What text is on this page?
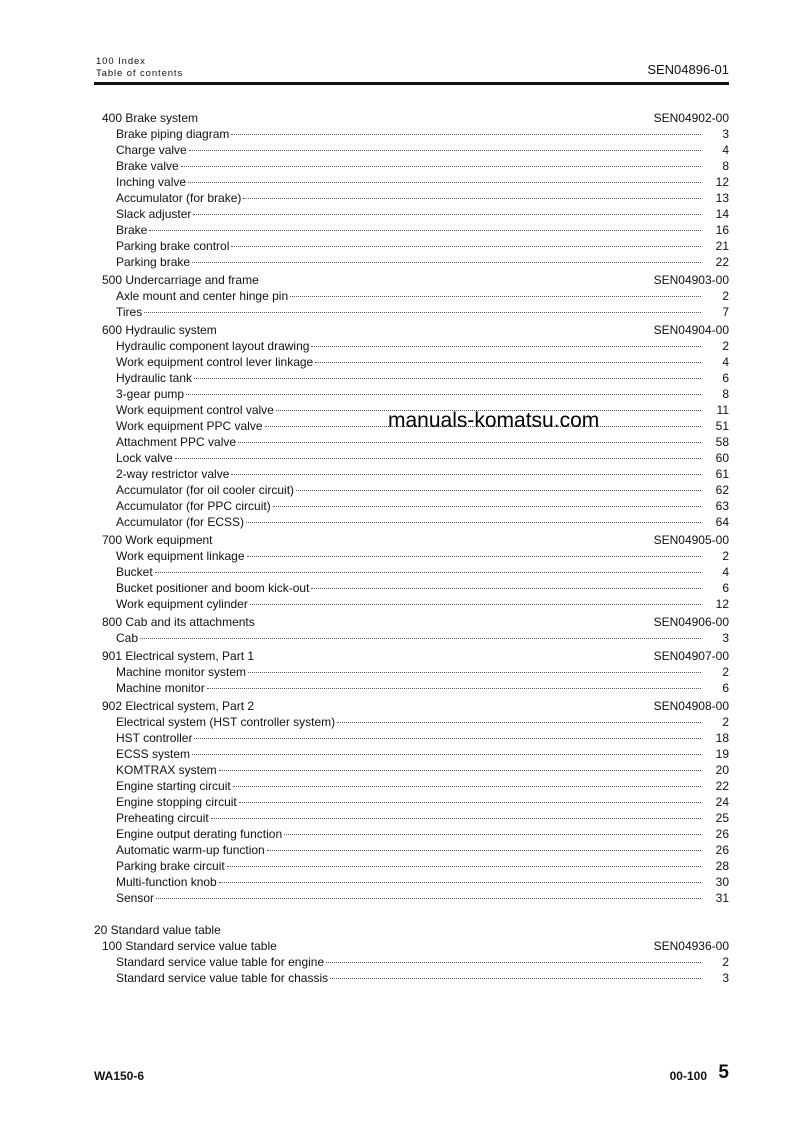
100 Index
Table of contents	SEN04896-01
400 Brake system	SEN04902-00
Brake piping diagram	3
Charge valve	4
Brake valve	8
Inching valve	12
Accumulator (for brake)	13
Slack adjuster	14
Brake	16
Parking brake control	21
Parking brake	22
500 Undercarriage and frame	SEN04903-00
Axle mount and center hinge pin	2
Tires	7
600 Hydraulic system	SEN04904-00
Hydraulic component layout drawing	2
Work equipment control lever linkage	4
Hydraulic tank	6
3-gear pump	8
Work equipment control valve	11
Work equipment PPC valve	51
Attachment PPC valve	58
Lock valve	60
2-way restrictor valve	61
Accumulator (for oil cooler circuit)	62
Accumulator (for PPC circuit)	63
Accumulator (for ECSS)	64
700 Work equipment	SEN04905-00
Work equipment linkage	2
Bucket	4
Bucket positioner and boom kick-out	6
Work equipment cylinder	12
800 Cab and its attachments	SEN04906-00
Cab	3
901 Electrical system, Part 1	SEN04907-00
Machine monitor system	2
Machine monitor	6
902 Electrical system, Part 2	SEN04908-00
Electrical system (HST controller system)	2
HST controller	18
ECSS system	19
KOMTRAX system	20
Engine starting circuit	22
Engine stopping circuit	24
Preheating circuit	25
Engine output derating function	26
Automatic warm-up function	26
Parking brake circuit	28
Multi-function knob	30
Sensor	31
20 Standard value table
100 Standard service value table	SEN04936-00
Standard service value table for engine	2
Standard service value table for chassis	3
manuals-komatsu.com
WA150-6	00-100 5
